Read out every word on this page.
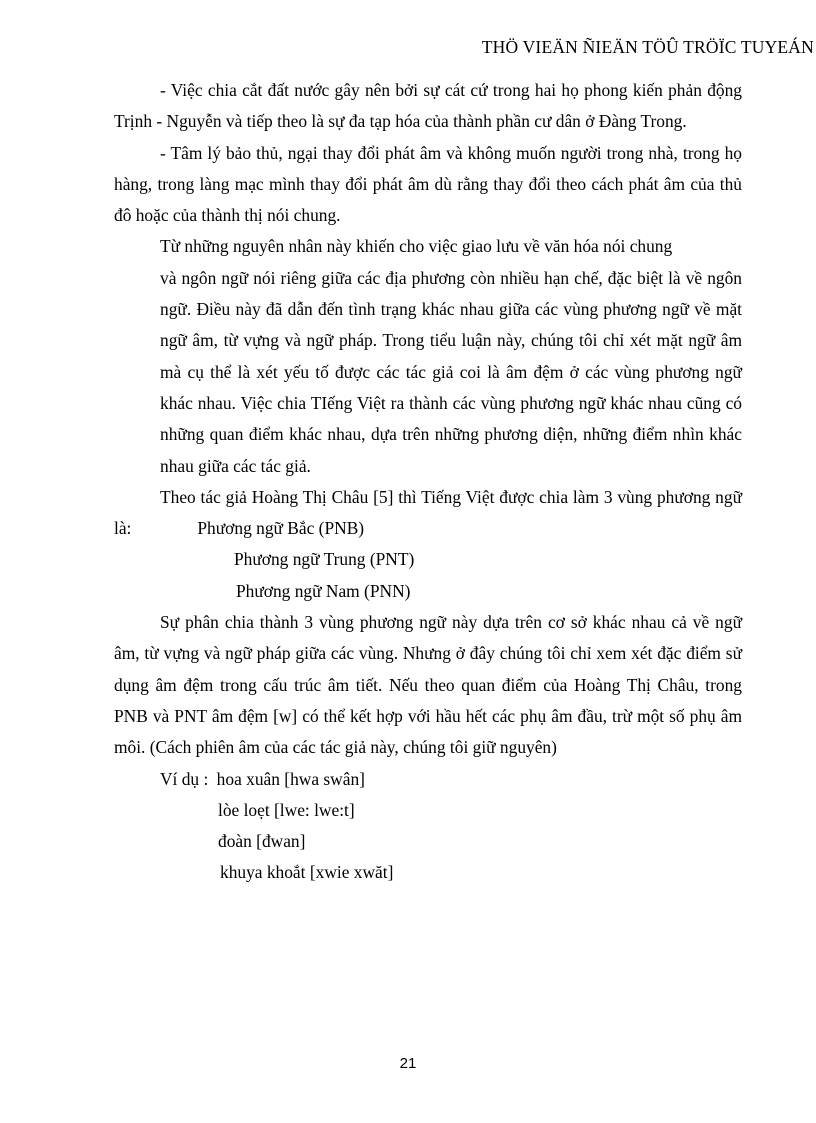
THÖ VIEÄN ÑIEÄN TÖÛ TRÖÏC TUYEÁN

- Việc chia cắt đất nước gây nên bởi sự cát cứ trong hai họ phong kiến phản động Trịnh - Nguyễn và tiếp theo là sự đa tạp hóa của thành phần cư dân ở Đàng Trong.

- Tâm lý bảo thủ, ngại thay đổi phát âm và không muốn người trong nhà, trong họ hàng, trong làng mạc mình thay đổi phát âm dù rằng thay đổi theo cách phát âm của thủ đô hoặc của thành thị nói chung.

Từ những nguyên nhân này khiến cho việc giao lưu về văn hóa nói chung

và ngôn ngữ nói riêng giữa các địa phương còn nhiều hạn chế, đặc biệt là về ngôn ngữ. Điều này đã dẫn đến tình trạng khác nhau giữa các vùng phương ngữ về mặt ngữ âm, từ vựng và ngữ pháp. Trong tiểu luận này, chúng tôi chỉ xét mặt ngữ âm mà cụ thể là xét yếu tố được các tác giả coi là âm đệm ở các vùng phương ngữ khác nhau. Việc chia TIếng Việt ra thành các vùng phương ngữ khác nhau cũng có những quan điểm khác nhau, dựa trên những phương diện, những điểm nhìn khác nhau giữa các tác giả.

Theo tác giả Hoàng Thị Châu [5] thì Tiếng Việt được chia làm 3 vùng phương ngữ là:	Phương ngữ Bắc (PNB)

Phương ngữ Trung (PNT)

Phương ngữ Nam (PNN)

Sự phân chia thành 3 vùng phương ngữ này dựa trên cơ sở khác nhau cả về ngữ âm, từ vựng và ngữ pháp giữa các vùng. Nhưng ở đây chúng tôi chỉ xem xét đặc điểm sử dụng âm đệm trong cấu trúc âm tiết. Nếu theo quan điểm của Hoàng Thị Châu, trong PNB và PNT âm đệm [w] có thể kết hợp với hầu hết các phụ âm đầu, trừ một số phụ âm môi. (Cách phiên âm của các tác giả này, chúng tôi giữ nguyên)

Ví dụ : hoa xuân [hwa swân]

lòe loẹt [lwe: lwe:t]

đoàn [đwan]

khuya khoắt [xwie xwăt]

21
